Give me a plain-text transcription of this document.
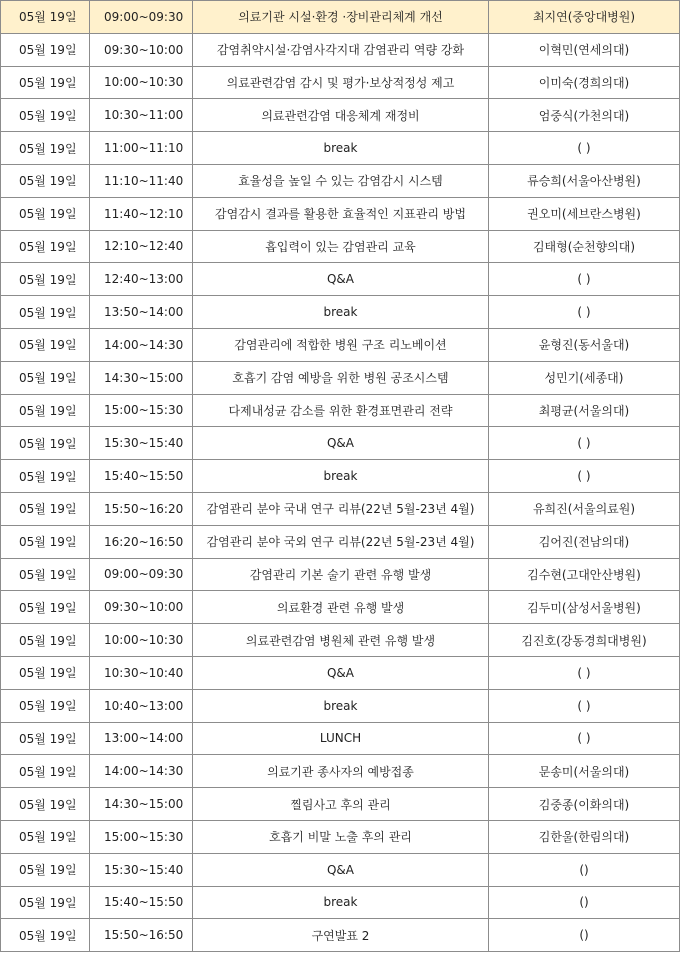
05월 19일	09:00~09:30	의료기관 시설·환경 ·장비관리체계 개선	최지연(중앙대병원)
05월 19일	09:30~10:00	감염취약시설·감염사각지대 감염관리 역량 강화	이혁민(연세의대)
05월 19일	10:00~10:30	의료관련감염 감시 및 평가·보상적정성 제고	이미숙(경희의대)
05월 19일	10:30~11:00	의료관련감염 대응체계 재정비	엄중식(가천의대)
05월 19일	11:00~11:10	break	( )
05월 19일	11:10~11:40	효율성을 높일 수 있는 감염감시 시스템	류승희(서울아산병원)
05월 19일	11:40~12:10	감염감시 결과를 활용한 효율적인 지표관리 방법	권오미(세브란스병원)
05월 19일	12:10~12:40	흡입력이 있는 감염관리 교육	김태형(순천향의대)
05월 19일	12:40~13:00	Q&A	( )
05월 19일	13:50~14:00	break	( )
05월 19일	14:00~14:30	감염관리에 적합한 병원 구조 리노베이션	윤형진(동서울대)
05월 19일	14:30~15:00	호흡기 감염 예방을 위한 병원 공조시스템	성민기(세종대)
05월 19일	15:00~15:30	다제내성균 감소를 위한 환경표면관리 전략	최평균(서울의대)
05월 19일	15:30~15:40	Q&A	( )
05월 19일	15:40~15:50	break	( )
05월 19일	15:50~16:20	감염관리 분야 국내 연구 리뷰(22년 5월-23년 4월)	유희진(서울의료원)
05월 19일	16:20~16:50	감염관리 분야 국외 연구 리뷰(22년 5월-23년 4월)	김어진(전남의대)
05월 19일	09:00~09:30	감염관리 기본 술기 관련 유행 발생	김수현(고대안산병원)
05월 19일	09:30~10:00	의료환경 관련 유행 발생	김두미(삼성서울병원)
05월 19일	10:00~10:30	의료관련감염 병원체 관련 유행 발생	김진호(강동경희대병원)
05월 19일	10:30~10:40	Q&A	( )
05월 19일	10:40~13:00	break	( )
05월 19일	13:00~14:00	LUNCH	( )
05월 19일	14:00~14:30	의료기관 종사자의 예방접종	문송미(서울의대)
05월 19일	14:30~15:00	찔림사고 후의 관리	김중종(이화의대)
05월 19일	15:00~15:30	호흡기 비말 노출 후의 관리	김한울(한림의대)
05월 19일	15:30~15:40	Q&A	()
05월 19일	15:40~15:50	break	()
05월 19일	15:50~16:50	구연발표 2	()
